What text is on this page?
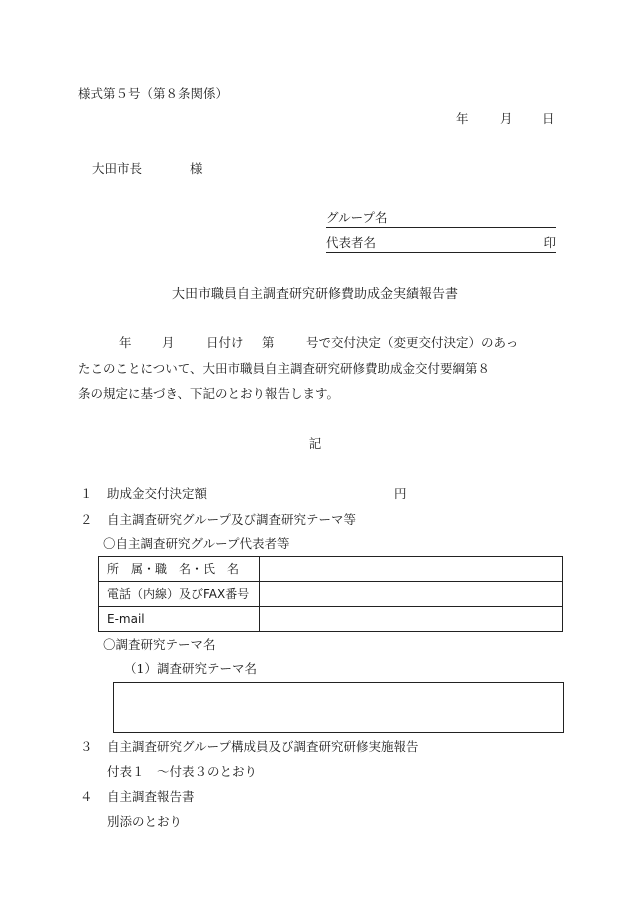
様式第５号（第８条関係）
年	月 日
大田市長	様
グループ名
代表者名	印
大田市職員自主調査研究研修費助成金実績報告書
年 月	日付け 第	号で交付決定（変更交付決定）のあっ
たこのことについて、大田市職員自主調査研究研修費助成金交付要綱第８
条の規定に基づき、下記のとおり報告します。
記
１ 助成金交付決定額	円
２ 自主調査研究グループ及び調査研究テーマ等
〇自主調査研究グループ代表者等
所　属・職　名・氏　名	
電話（内線）及びFAX番号	
E-mail	
〇調査研究テーマ名
（1）調査研究テーマ名
３ 自主調査研究グループ構成員及び調査研究研修実施報告
付表１　～付表３のとおり
４ 自主調査報告書
別添のとおり
